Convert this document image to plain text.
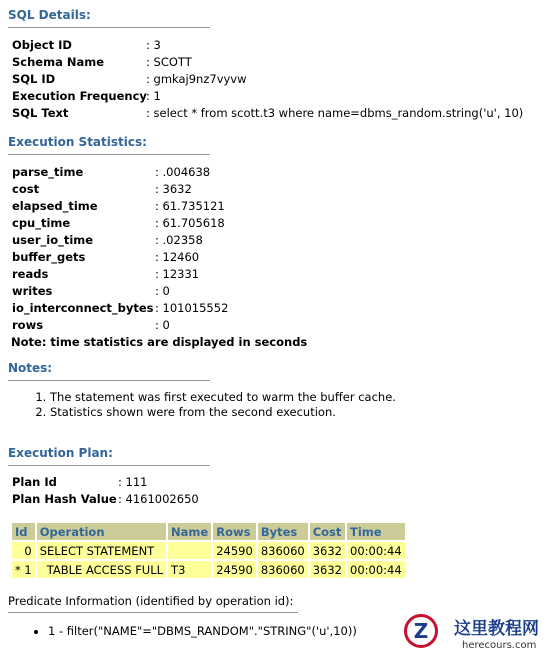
SQL Details:
Object ID	: 3
Schema Name	: SCOTT
SQL ID	: gmkaj9nz7vyvw
Execution Frequency : 1
SQL Text	: select * from scott.t3 where name=dbms_random.string('u', 10)
Execution Statistics:
parse_time	: .004638
cost	: 3632
elapsed_time	: 61.735121
cpu_time	: 61.705618
user_io_time	: .02358
buffer_gets	: 12460
reads	: 12331
writes	: 0
io_interconnect_bytes : 101015552
rows	: 0
Note: time statistics are displayed in seconds
Notes:
1. The statement was first executed to warm the buffer cache.
2. Statistics shown were from the second execution.
Execution Plan:
Plan Id	: 111
Plan Hash Value : 4161002650
Id	Operation	Name	Rows	Bytes	Cost	Time
0	SELECT STATEMENT		24590	836060	3632	00:00:44
* 1	TABLE ACCESS FULL	T3	24590	836060	3632	00:00:44
Predicate Information (identified by operation id):
• 1 - filter("NAME"="DBMS_RANDOM"."STRING"('u',10))	Z	这里教程网
herecours.com
